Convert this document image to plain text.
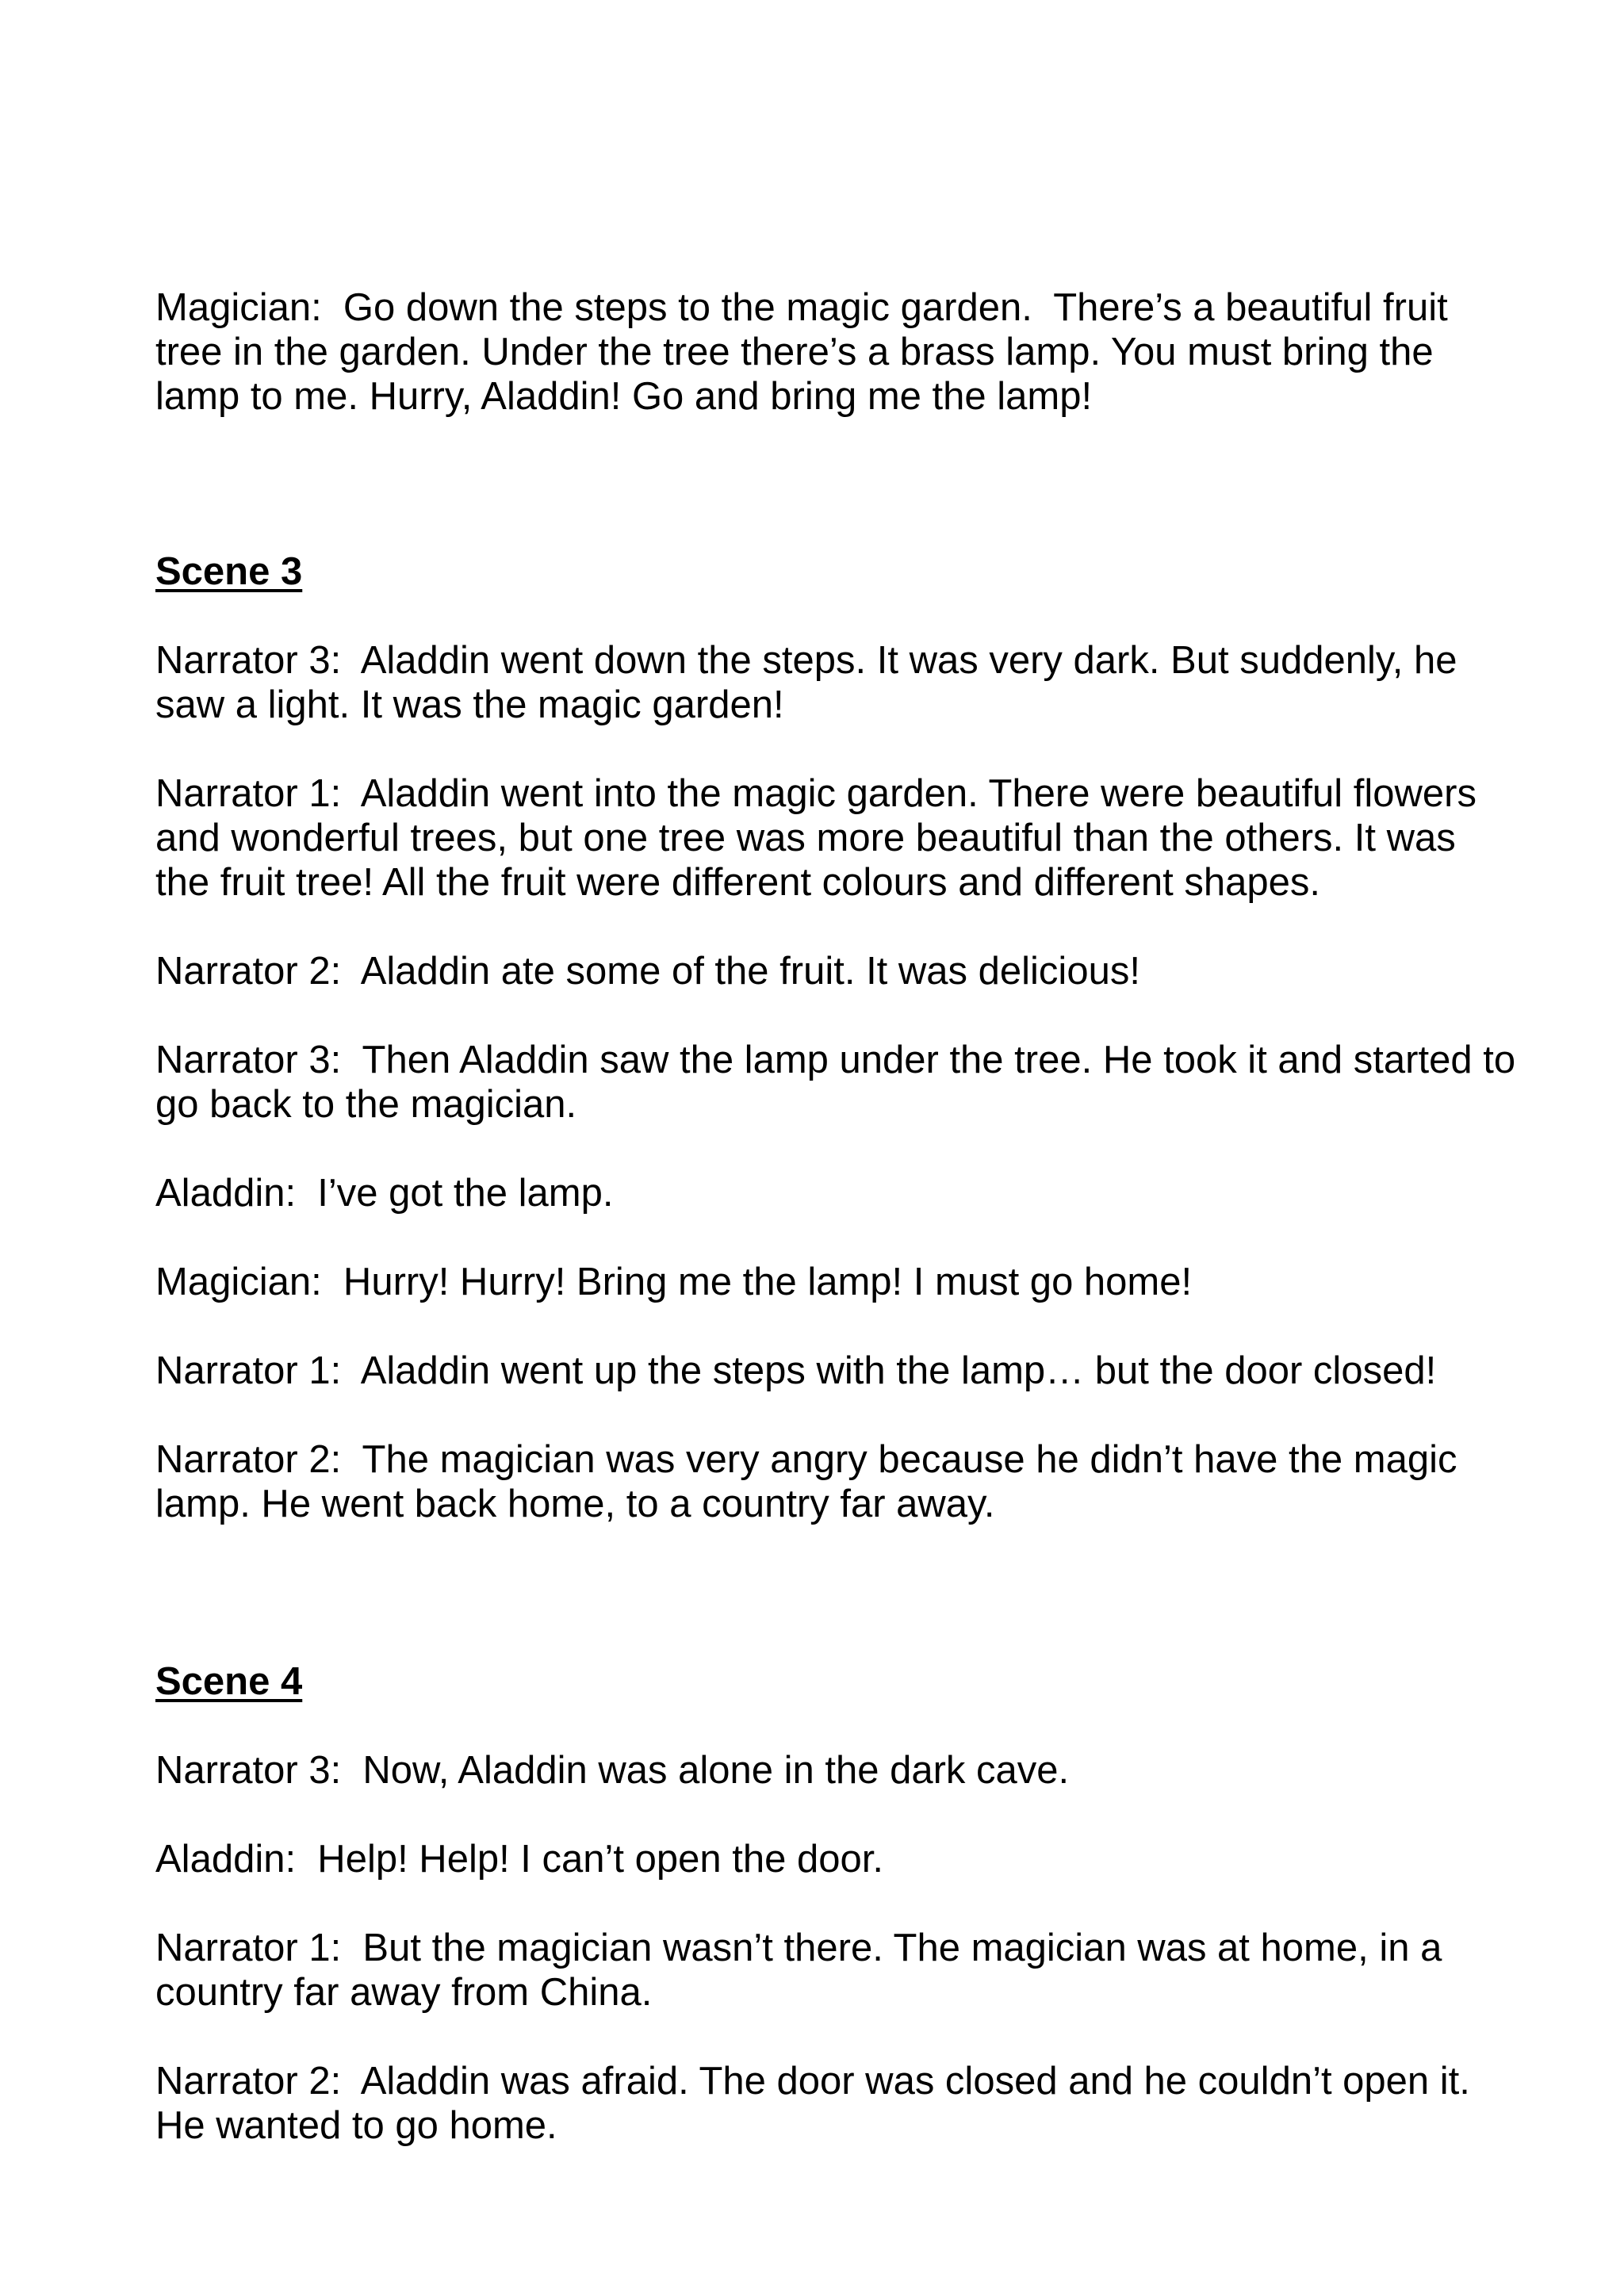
Magician:  Go down the steps to the magic garden.  There’s a beautiful fruit tree in the garden. Under the tree there’s a brass lamp. You must bring the lamp to me. Hurry, Aladdin! Go and bring me the lamp!

Scene 3

Narrator 3:  Aladdin went down the steps. It was very dark. But suddenly, he saw a light. It was the magic garden!

Narrator 1:  Aladdin went into the magic garden. There were beautiful flowers and wonderful trees, but one tree was more beautiful than the others. It was the fruit tree! All the fruit were different colours and different shapes.

Narrator 2:  Aladdin ate some of the fruit. It was delicious!

Narrator 3:  Then Aladdin saw the lamp under the tree. He took it and started to go back to the magician.

Aladdin:  I’ve got the lamp.

Magician:  Hurry! Hurry! Bring me the lamp! I must go home!

Narrator 1:  Aladdin went up the steps with the lamp… but the door closed!

Narrator 2:  The magician was very angry because he didn’t have the magic lamp. He went back home, to a country far away.

Scene 4

Narrator 3:  Now, Aladdin was alone in the dark cave.

Aladdin:  Help! Help! I can’t open the door.

Narrator 1:  But the magician wasn’t there. The magician was at home, in a country far away from China.

Narrator 2:  Aladdin was afraid. The door was closed and he couldn’t open it. He wanted to go home.
